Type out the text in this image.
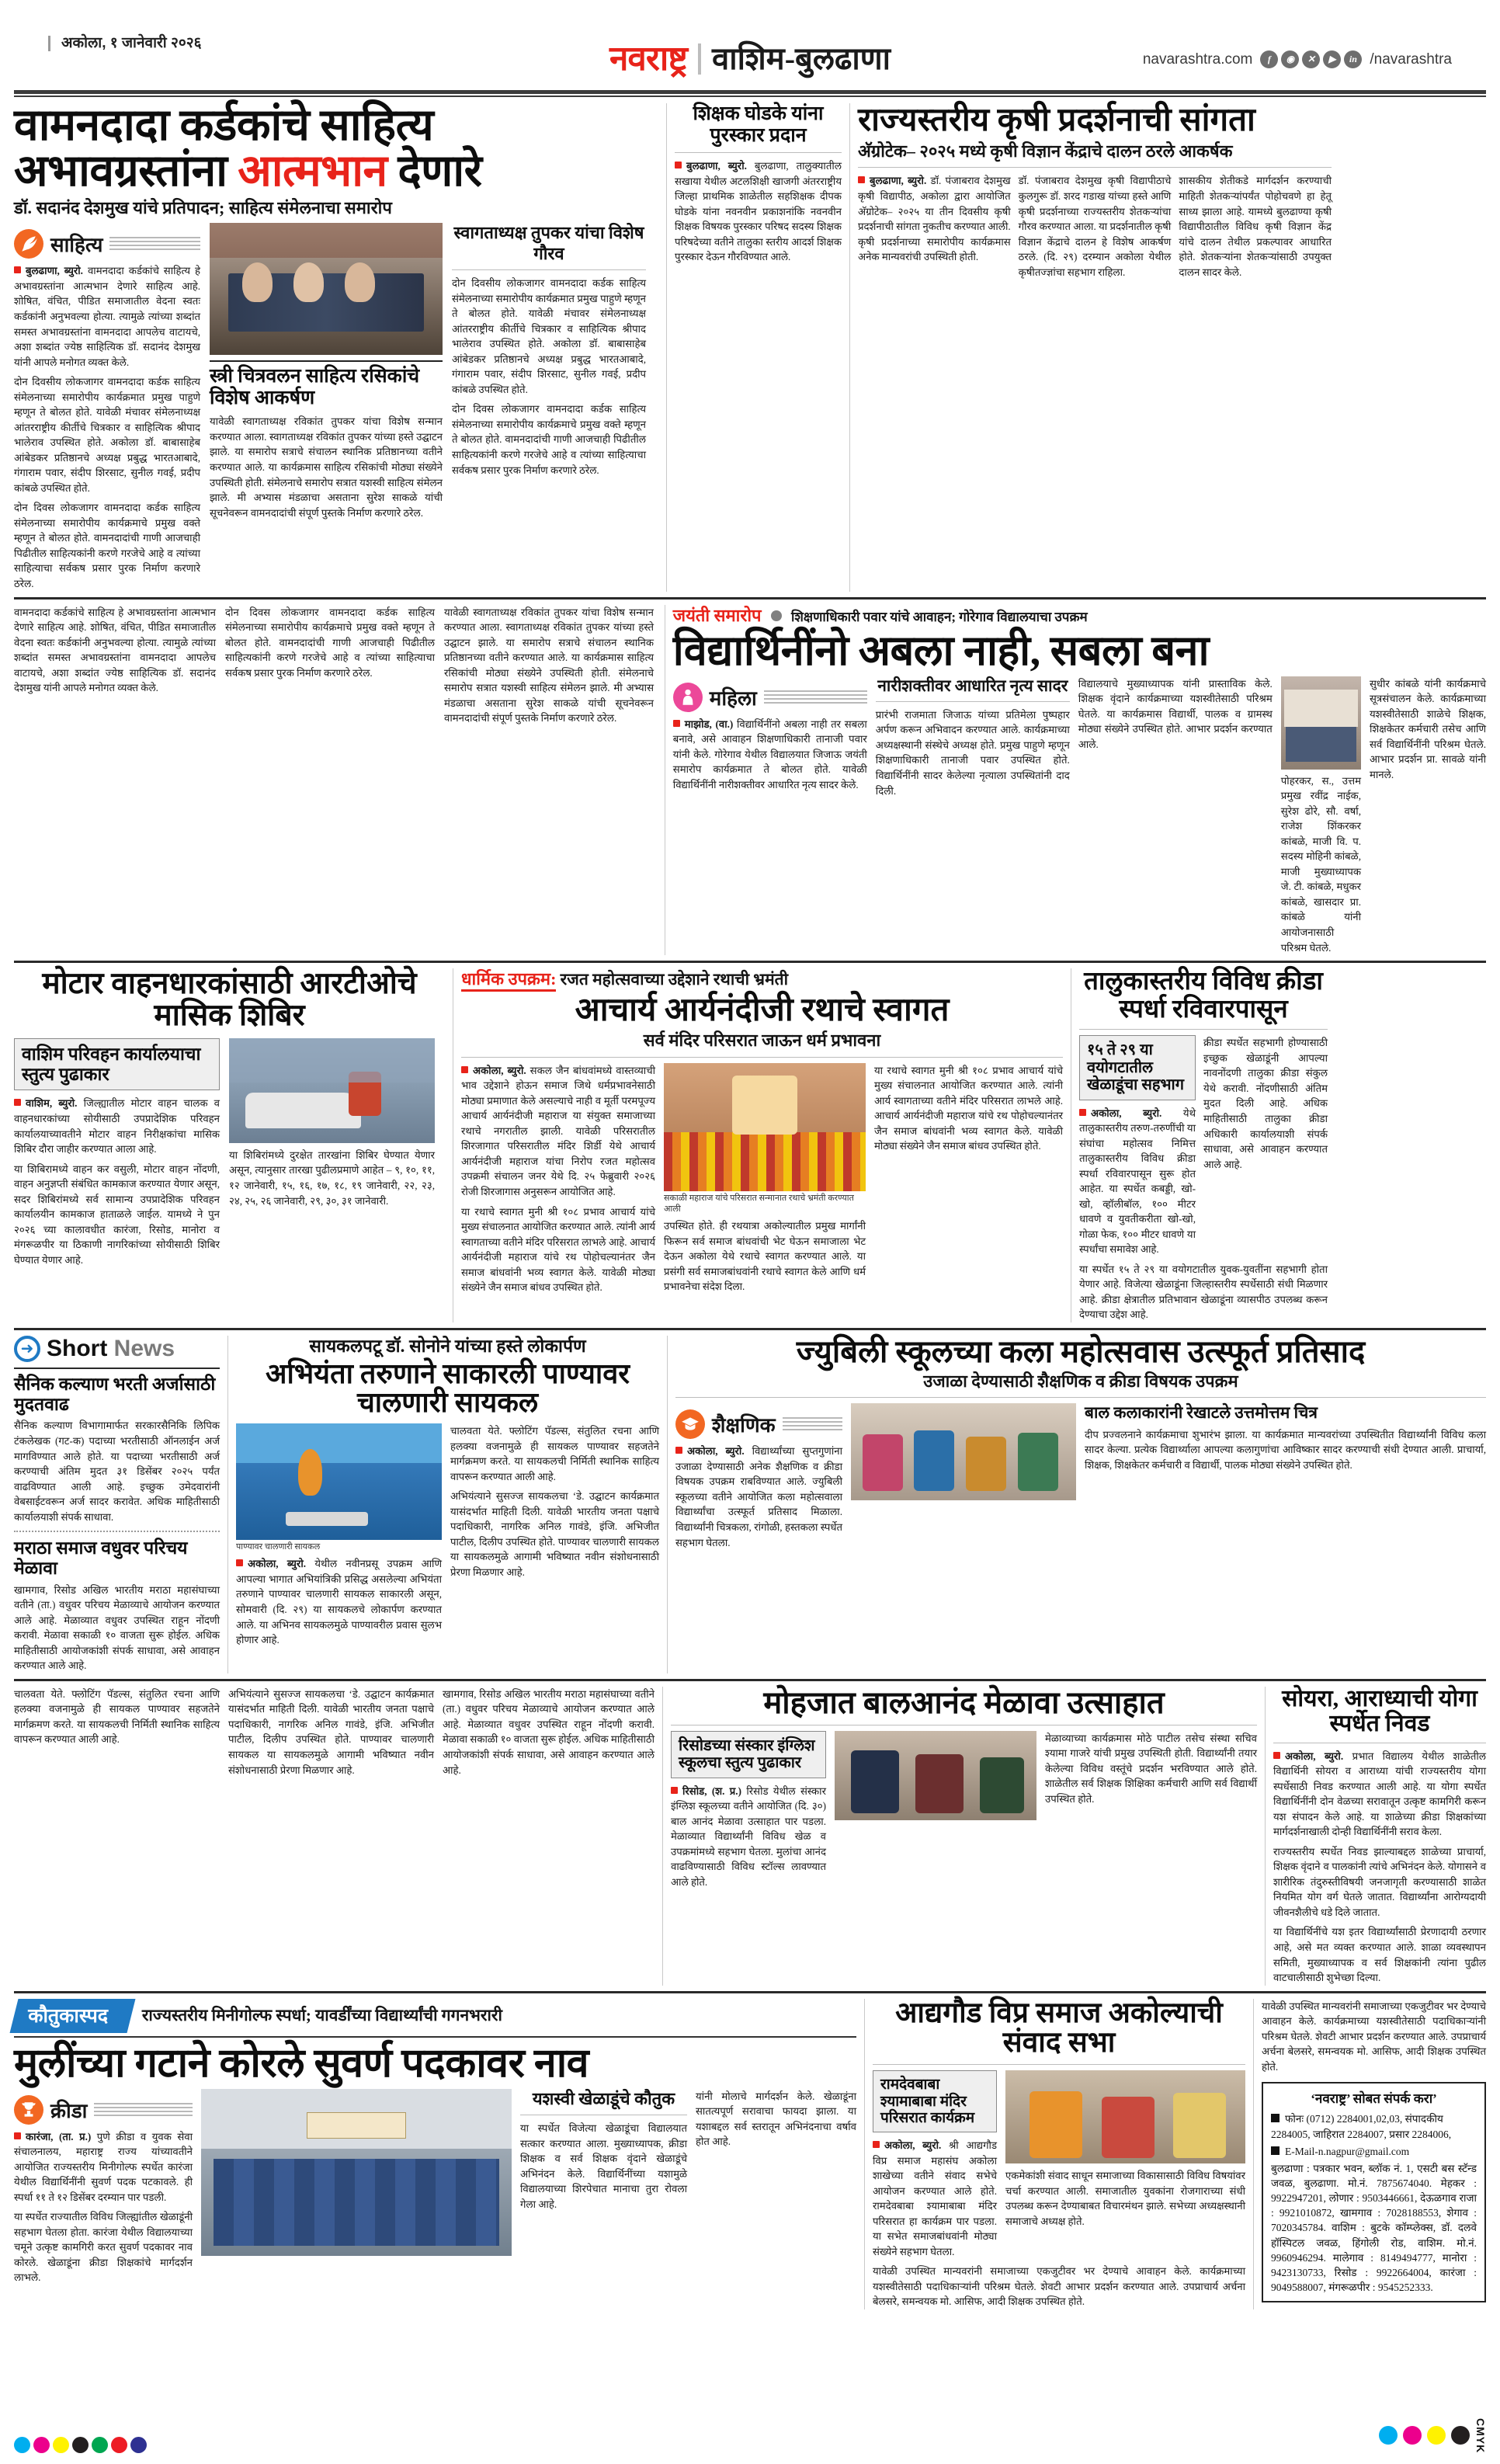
अकोला, १ जानेवारी २०२६	नवराष्ट्र वाशिम-बुलढाणा	navarashtra.com	f	◉	✕	▶	in /navarashtra
वामनदादा कर्डकांचे साहित्य
अभावग्रस्तांना आत्मभान देणारे
डॉ. सदानंद देशमुख यांचे प्रतिपादन; साहित्य संमेलनाचा समारोप
साहित्य
बुलढाणा, ब्युरो. वामनदादा कर्डकांचे साहित्य हे अभावग्रस्तांना आत्मभान देणारे साहित्य आहे. शोषित, वंचित, पीडित समाजातील वेदना स्वतः कर्डकांनी अनुभवल्या होत्या. त्यामुळे त्यांच्या शब्दांत समस्त अभावग्रस्तांना वामनदादा आपलेच वाटायचे, अशा शब्दांत ज्येष्ठ साहित्यिक डॉ. सदानंद देशमुख यांनी आपले मनोगत व्यक्त केले.
दोन दिवसीय लोकजागर वामनदादा कर्डक साहित्य संमेलनाच्या समारोपीय कार्यक्रमात प्रमुख पाहुणे म्हणून ते बोलत होते. यावेळी मंचावर संमेलनाध्यक्ष आंतरराष्ट्रीय कीर्तीचे चित्रकार व साहित्यिक श्रीपाद भालेराव उपस्थित होते. अकोला डॉ. बाबासाहेब आंबेडकर प्रतिष्ठानचे अध्यक्ष प्रबुद्ध भारतआबादे, गंगाराम पवार, संदीप शिरसाट, सुनील गवई, प्रदीप कांबळे उपस्थित होते.
दोन दिवस लोकजागर वामनदादा कर्डक साहित्य संमेलनाच्या समारोपीय कार्यक्रमाचे प्रमुख वक्ते म्हणून ते बोलत होते. वामनदादांची गाणी आजचाही पिढीतील साहित्यकांनी करणे गरजेचे आहे व त्यांच्या साहित्याचा सर्वकष प्रसार पुरक निर्माण करणारे ठरेल.
स्त्री चित्रवलन साहित्य रसिकांचे विशेष आकर्षण
यावेळी स्वागताध्यक्ष रविकांत तुपकर यांचा विशेष सन्मान करण्यात आला. स्वागताध्यक्ष रविकांत तुपकर यांच्या हस्ते उद्घाटन झाले. या समारोप सत्राचे संचालन स्थानिक प्रतिष्ठानच्या वतीने करण्यात आले. या कार्यक्रमास साहित्य रसिकांची मोठ्या संख्येने उपस्थिती होती. संमेलनाचे समारोप सत्रात यशस्वी साहित्य संमेलन झाले. मी अभ्यास मंडळाचा असताना सुरेश साकळे यांची सूचनेवरून वामनदादांची संपूर्ण पुस्तके निर्माण करणारे ठरेल.
स्वागताध्यक्ष तुपकर यांचा विशेष गौरव
दोन दिवसीय लोकजागर वामनदादा कर्डक साहित्य संमेलनाच्या समारोपीय कार्यक्रमात प्रमुख पाहुणे म्हणून ते बोलत होते. यावेळी मंचावर संमेलनाध्यक्ष आंतरराष्ट्रीय कीर्तीचे चित्रकार व साहित्यिक श्रीपाद भालेराव उपस्थित होते. अकोला डॉ. बाबासाहेब आंबेडकर प्रतिष्ठानचे अध्यक्ष प्रबुद्ध भारतआबादे, गंगाराम पवार, संदीप शिरसाट, सुनील गवई, प्रदीप कांबळे उपस्थित होते.
दोन दिवस लोकजागर वामनदादा कर्डक साहित्य संमेलनाच्या समारोपीय कार्यक्रमाचे प्रमुख वक्ते म्हणून ते बोलत होते. वामनदादांची गाणी आजचाही पिढीतील साहित्यकांनी करणे गरजेचे आहे व त्यांच्या साहित्याचा सर्वकष प्रसार पुरक निर्माण करणारे ठरेल.
शिक्षक घोडके यांना पुरस्कार प्रदान
बुलढाणा, ब्युरो. बुलढाणा, तालुक्यातील सखाया येथील अटलशिक्षी खाजगी अंतरराष्ट्रीय जिल्हा प्राथमिक शाळेतील सहशिक्षक दीपक घोडके यांना नवनवीन प्रकाशनांकि नवनवीन शिक्षक विषयक पुरस्कार परिषद सदस्य शिक्षक परिषदेच्या वतीने तालुका स्तरीय आदर्श शिक्षक पुरस्कार देऊन गौरविण्यात आले.
राज्यस्तरीय कृषी प्रदर्शनाची सांगता
अ‍ॅग्रोटेक– २०२५ मध्ये कृषी विज्ञान केंद्राचे दालन ठरले आकर्षक
बुलढाणा, ब्युरो. डॉ. पंजाबराव देशमुख कृषी विद्यापीठ, अकोला द्वारा आयोजित अ‍ॅग्रोटेक– २०२५ या तीन दिवसीय कृषी प्रदर्शनाची सांगता नुकतीच करण्यात आली. कृषी प्रदर्शनाच्या समारोपीय कार्यक्रमास अनेक मान्यवरांची उपस्थिती होती.
डॉ. पंजाबराव देशमुख कृषी विद्यापीठाचे कुलगुरू डॉ. शरद गडाख यांच्या हस्ते आणि कृषी प्रदर्शनाच्या राज्यस्तरीय शेतकऱ्यांचा गौरव करण्यात आला. या प्रदर्शनातील कृषी विज्ञान केंद्राचे दालन हे विशेष आकर्षण ठरले. (दि. २९) दरम्यान अकोला येथील कृषीतज्ज्ञांचा सहभाग राहिला.
शासकीय शेतीकडे मार्गदर्शन करण्याची माहिती शेतकऱ्यांपर्यंत पोहोचवणे हा हेतू साध्य झाला आहे. यामध्ये बुलढाण्या कृषी विद्यापीठातील विविध कृषी विज्ञान केंद्र यांचे दालन तेथील प्रकल्पावर आधारित होते. शेतकऱ्यांना शेतकऱ्यांसाठी उपयुक्त दालन सादर केले.
वामनदादा कर्डकांचे साहित्य हे अभावग्रस्तांना आत्मभान देणारे साहित्य आहे. शोषित, वंचित, पीडित समाजातील वेदना स्वतः कर्डकांनी अनुभवल्या होत्या. त्यामुळे त्यांच्या शब्दांत समस्त अभावग्रस्तांना वामनदादा आपलेच वाटायचे, अशा शब्दांत ज्येष्ठ साहित्यिक डॉ. सदानंद देशमुख यांनी आपले मनोगत व्यक्त केले.
दोन दिवस लोकजागर वामनदादा कर्डक साहित्य संमेलनाच्या समारोपीय कार्यक्रमाचे प्रमुख वक्ते म्हणून ते बोलत होते. वामनदादांची गाणी आजचाही पिढीतील साहित्यकांनी करणे गरजेचे आहे व त्यांच्या साहित्याचा सर्वकष प्रसार पुरक निर्माण करणारे ठरेल.
यावेळी स्वागताध्यक्ष रविकांत तुपकर यांचा विशेष सन्मान करण्यात आला. स्वागताध्यक्ष रविकांत तुपकर यांच्या हस्ते उद्घाटन झाले. या समारोप सत्राचे संचालन स्थानिक प्रतिष्ठानच्या वतीने करण्यात आले. या कार्यक्रमास साहित्य रसिकांची मोठ्या संख्येने उपस्थिती होती. संमेलनाचे समारोप सत्रात यशस्वी साहित्य संमेलन झाले. मी अभ्यास मंडळाचा असताना सुरेश साकळे यांची सूचनेवरून वामनदादांची संपूर्ण पुस्तके निर्माण करणारे ठरेल.
जयंती समारोप शिक्षणाधिकारी पवार यांचे आवाहन; गोरेगाव विद्यालयाचा उपक्रम
विद्यार्थिनींनो अबला नाही, सबला बना
महिला
माझोड, (वा.) विद्यार्थिनींनो अबला नाही तर सबला बनावे, असे आवाहन शिक्षणाधिकारी तानाजी पवार यांनी केले. गोरेगाव येथील विद्यालयात जिजाऊ जयंती समारोप कार्यक्रमात ते बोलत होते. यावेळी विद्यार्थिनींनी नारीशक्तीवर आधारित नृत्य सादर केले.
नारीशक्तीवर आधारित नृत्य सादर
प्रारंभी राजमाता जिजाऊ यांच्या प्रतिमेला पुष्पहार अर्पण करून अभिवादन करण्यात आले. कार्यक्रमाच्या अध्यक्षस्थानी संस्थेचे अध्यक्ष होते. प्रमुख पाहुणे म्हणून शिक्षणाधिकारी तानाजी पवार उपस्थित होते. विद्यार्थिनींनी सादर केलेल्या नृत्याला उपस्थितांनी दाद दिली.
विद्यालयाचे मुख्याध्यापक यांनी प्रास्ताविक केले. शिक्षक वृंदाने कार्यक्रमाच्या यशस्वीतेसाठी परिश्रम घेतले. या कार्यक्रमास विद्यार्थी, पालक व ग्रामस्थ मोठ्या संख्येने उपस्थित होते. आभार प्रदर्शन करण्यात आले.
पोहरकर, स., उत्तम प्रमुख रवींद्र नाईक, सुरेश ढोरे, सौ. वर्षा, राजेश शिंकरकर कांबळे, माजी वि. प. सदस्य मोहिनी कांबळे, माजी मुख्याध्यापक जे. टी. कांबळे, मधुकर कांबळे, खासदार प्रा. कांबळे यांनी आयोजनासाठी परिश्रम घेतले.
सुधीर कांबळे यांनी कार्यक्रमाचे सूत्रसंचालन केले. कार्यक्रमाच्या यशस्वीतेसाठी शाळेचे शिक्षक, शिक्षकेतर कर्मचारी तसेच आणि सर्व विद्यार्थिनींनी परिश्रम घेतले. आभार प्रदर्शन प्रा. सावळे यांनी मानले.
मोटार वाहनधारकांसाठी आरटीओचे मासिक शिबिर
वाशिम परिवहन कार्यालयाचा स्तुत्य पुढाकार
वाशिम, ब्युरो. जिल्ह्यातील मोटार वाहन चालक व वाहनधारकांच्या सोयीसाठी उपप्रादेशिक परिवहन कार्यालयाच्यावतीने मोटार वाहन निरीक्षकांचा मासिक शिबिर दौरा जाहीर करण्यात आला आहे.
या शिबिरामध्ये वाहन कर वसुली, मोटार वाहन नोंदणी, वाहन अनुज्ञप्ती संबंधित कामकाज करण्यात येणार असून, सदर शिबिरांमध्ये सर्व सामान्य उपप्रादेशिक परिवहन कार्यालयीन कामकाज हाताळले जाईल. यामध्ये ने पुन २०२६ च्या कालावधीत कारंजा, रिसोड, मानोरा व मंगरूळपीर या ठिकाणी नागरिकांच्या सोयीसाठी शिबिर घेण्यात येणार आहे.
या शिबिरांमध्ये दुरक्षेत तारखांना शिबिर घेण्यात येणार असून, त्यानुसार तारखा पुढीलप्रमाणे आहेत – ९, १०, ११, १२ जानेवारी, १५, १६, १७, १८, १९ जानेवारी, २२, २३, २४, २५, २६ जानेवारी, २९, ३०, ३१ जानेवारी.
धार्मिक उपक्रम: रजत महोत्सवाच्या उद्देशाने रथाची भ्रमंती
आचार्य आर्यनंदीजी रथाचे स्वागत
सर्व मंदिर परिसरात जाऊन धर्म प्रभावना
अकोला, ब्युरो. सकल जैन बांधवांमध्ये वास्तव्याची भाव उद्देशाने होऊन समाज जिथे धर्मप्रभावनेसाठी मोठ्या प्रमाणात केले असल्याचे नाही व मूर्ती परमपूज्य आचार्य आर्यनंदीजी महाराज या संयुक्त समाजाच्या रथाचे नगरातील झाली. यावेळी परिसरातील शिरजागात परिसरातील मंदिर शिर्डी येथे आचार्य आर्यनंदीजी महाराज यांचा निरोप रजत महोत्सव उपक्रमी संचालन जनर येथे दि. २५ फेब्रुवारी २०२६ रोजी शिरजागास अनुसरून आयोजित आहे.
या रथाचे स्वागत मुनी श्री १०८ प्रभाव आचार्य यांचे मुख्य संचालनात आयोजित करण्यात आले. त्यांनी आर्य स्वागताच्या वतीने मंदिर परिसरात लाभले आहे. आचार्य आर्यनंदीजी महाराज यांचे रथ पोहोचल्यानंतर जैन समाज बांधवांनी भव्य स्वागत केले. यावेळी मोठ्या संख्येने जैन समाज बांधव उपस्थित होते.
सकाळी महाराज यांचे परिसरात सन्मानात रथाचे भ्रमंती करण्यात आली
उपस्थित होते. ही रथयात्रा अकोल्यातील प्रमुख मार्गांनी फिरून सर्व समाज बांधवांची भेट घेऊन समाजाला भेट देऊन अकोला येथे रथाचे स्वागत करण्यात आले. या प्रसंगी सर्व समाजबांधवांनी रथाचे स्वागत केले आणि धर्म प्रभावनेचा संदेश दिला.
या रथाचे स्वागत मुनी श्री १०८ प्रभाव आचार्य यांचे मुख्य संचालनात आयोजित करण्यात आले. त्यांनी आर्य स्वागताच्या वतीने मंदिर परिसरात लाभले आहे. आचार्य आर्यनंदीजी महाराज यांचे रथ पोहोचल्यानंतर जैन समाज बांधवांनी भव्य स्वागत केले. यावेळी मोठ्या संख्येने जैन समाज बांधव उपस्थित होते.
तालुकास्तरीय विविध क्रीडा स्पर्धा रविवारपासून
१५ ते २९ या वयोगटातील खेळाडूंचा सहभाग
अकोला, ब्युरो. येथे तालुकास्तरीय तरुण-तरुणींची या संघांचा महोत्सव निमित्त तालुकास्तरीय विविध क्रीडा स्पर्धा रविवारपासून सुरू होत आहेत. या स्पर्धेत कबड्डी, खो-खो, व्हॉलीबॉल, १०० मीटर धावणे व युवतीकरीता खो-खो, गोळा फेक, १०० मीटर धावणे या स्पर्धांचा समावेश आहे.
क्रीडा स्पर्धेत सहभागी होण्यासाठी इच्छुक खेळाडूंनी आपल्या नावनोंदणी तालुका क्रीडा संकुल येथे करावी. नोंदणीसाठी अंतिम मुदत दिली आहे. अधिक माहितीसाठी तालुका क्रीडा अधिकारी कार्यालयाशी संपर्क साधावा, असे आवाहन करण्यात आले आहे.
या स्पर्धेत १५ ते २९ या वयोगटातील युवक-युवतींना सहभागी होता येणार आहे. विजेत्या खेळाडूंना जिल्हास्तरीय स्पर्धेसाठी संधी मिळणार आहे. क्रीडा क्षेत्रातील प्रतिभावान खेळाडूंना व्यासपीठ उपलब्ध करून देण्याचा उद्देश आहे.
➜
Short News
सैनिक कल्याण भरती अर्जासाठी मुदतवाढ
सैनिक कल्याण विभागामार्फत सरकारसैनिकि लिपिक टंकलेखक (गट-क) पदाच्या भरतीसाठी ऑनलाईन अर्ज मागविण्यात आले होते. या पदाच्या भरतीसाठी अर्ज करण्याची अंतिम मुदत ३१ डिसेंबर २०२५ पर्यंत वाढविण्यात आली आहे. इच्छुक उमेदवारांनी वेबसाईटवरून अर्ज सादर करावेत. अधिक माहितीसाठी कार्यालयाशी संपर्क साधावा.
मराठा समाज वधुवर परिचय मेळावा
खामगाव, रिसोड अखिल भारतीय मराठा महासंघाच्या वतीने (ता.) वधुवर परिचय मेळाव्याचे आयोजन करण्यात आले आहे. मेळाव्यात वधुवर उपस्थित राहून नोंदणी करावी. मेळावा सकाळी १० वाजता सुरू होईल. अधिक माहितीसाठी आयोजकांशी संपर्क साधावा, असे आवाहन करण्यात आले आहे.
सायकलपटू डॉ. सोनोने यांच्या हस्ते लोकार्पण
अभियंता तरुणाने साकारली पाण्यावर चालणारी सायकल
पाण्यावर चालणारी सायकल
अकोला, ब्युरो. येथील नवीनप्रसू उपक्रम आणि आपल्या भागात अभियांत्रिकी प्रसिद्ध असलेल्या अभियंता तरुणाने पाण्यावर चालणारी सायकल साकारली असून, सोमवारी (दि. २९) या सायकलचे लोकार्पण करण्यात आले. या अभिनव सायकलमुळे पाण्यावरील प्रवास सुलभ होणार आहे.
चालवता येते. फ्लोटिंग पॅडल्स, संतुलित रचना आणि हलक्या वजनामुळे ही सायकल पाण्यावर सहजतेने मार्गक्रमण करते. या सायकलची निर्मिती स्थानिक साहित्य वापरून करण्यात आली आहे.
अभियंत्याने सुसज्ज सायकलचा ‘डे. उद्घाटन कार्यक्रमात यासंदर्भात माहिती दिली. यावेळी भारतीय जनता पक्षाचे पदाधिकारी, नागरिक अनिल गावंडे, इंजि. अभिजीत पाटील, दिलीप उपस्थित होते. पाण्यावर चालणारी सायकल या सायकलमुळे आगामी भविष्यात नवीन संशोधनासाठी प्रेरणा मिळणार आहे.
ज्युबिली स्कूलच्या कला महोत्सवास उत्स्फूर्त प्रतिसाद
उजाळा देण्यासाठी शैक्षणिक व क्रीडा विषयक उपक्रम
शैक्षणिक
अकोला, ब्युरो. विद्यार्थ्यांच्या सुप्तगुणांना उजाळा देण्यासाठी अनेक शैक्षणिक व क्रीडा विषयक उपक्रम राबविण्यात आले. ज्युबिली स्कूलच्या वतीने आयोजित कला महोत्सवाला विद्यार्थ्यांचा उत्स्फूर्त प्रतिसाद मिळाला. विद्यार्थ्यांनी चित्रकला, रांगोळी, हस्तकला स्पर्धेत सहभाग घेतला.
बाल कलाकारांनी रेखाटले उत्तमोत्तम चित्र
दीप प्रज्वलनाने कार्यक्रमाचा शुभारंभ झाला. या कार्यक्रमात मान्यवरांच्या उपस्थितीत विद्यार्थ्यांनी विविध कला सादर केल्या. प्रत्येक विद्यार्थ्याला आपल्या कलागुणांचा आविष्कार सादर करण्याची संधी देण्यात आली. प्राचार्या, शिक्षक, शिक्षकेतर कर्मचारी व विद्यार्थी, पालक मोठ्या संख्येने उपस्थित होते.
चालवता येते. फ्लोटिंग पॅडल्स, संतुलित रचना आणि हलक्या वजनामुळे ही सायकल पाण्यावर सहजतेने मार्गक्रमण करते. या सायकलची निर्मिती स्थानिक साहित्य वापरून करण्यात आली आहे.
अभियंत्याने सुसज्ज सायकलचा ‘डे. उद्घाटन कार्यक्रमात यासंदर्भात माहिती दिली. यावेळी भारतीय जनता पक्षाचे पदाधिकारी, नागरिक अनिल गावंडे, इंजि. अभिजीत पाटील, दिलीप उपस्थित होते. पाण्यावर चालणारी सायकल या सायकलमुळे आगामी भविष्यात नवीन संशोधनासाठी प्रेरणा मिळणार आहे.
खामगाव, रिसोड अखिल भारतीय मराठा महासंघाच्या वतीने (ता.) वधुवर परिचय मेळाव्याचे आयोजन करण्यात आले आहे. मेळाव्यात वधुवर उपस्थित राहून नोंदणी करावी. मेळावा सकाळी १० वाजता सुरू होईल. अधिक माहितीसाठी आयोजकांशी संपर्क साधावा, असे आवाहन करण्यात आले आहे.
मोहजात बालआनंद मेळावा उत्साहात
रिसोडच्या संस्कार इंग्लिश स्कूलचा स्तुत्य पुढाकार
रिसोड, (श. प्र.) रिसोड येथील संस्कार इंग्लिश स्कूलच्या वतीने आयोजित (दि. ३०) बाल आनंद मेळावा उत्साहात पार पडला. मेळाव्यात विद्यार्थ्यांनी विविध खेळ व उपक्रमांमध्ये सहभाग घेतला. मुलांचा आनंद वाढविण्यासाठी विविध स्टॉल्स लावण्यात आले होते.
मेळाव्याच्या कार्यक्रमास मोठे पाटील तसेच संस्था सचिव श्यामा गाजरे यांची प्रमुख उपस्थिती होती. विद्यार्थ्यांनी तयार केलेल्या विविध वस्तूंचे प्रदर्शन भरविण्यात आले होते. शाळेतील सर्व शिक्षक शिक्षिका कर्मचारी आणि सर्व विद्यार्थी उपस्थित होते.
सोयरा, आराध्याची योगा स्पर्धेत निवड
अकोला, ब्युरो. प्रभात विद्यालय येथील शाळेतील विद्यार्थिनी सोयरा व आराध्या यांची राज्यस्तरीय योगा स्पर्धेसाठी निवड करण्यात आली आहे. या योगा स्पर्धेत विद्यार्थिनींनी दोन वेळच्या सरावातून उत्कृष्ट कामगिरी करून यश संपादन केले आहे. या शाळेच्या क्रीडा शिक्षकांच्या मार्गदर्शनाखाली दोन्ही विद्यार्थिनींनी सराव केला.
राज्यस्तरीय स्पर्धेत निवड झाल्याबद्दल शाळेच्या प्राचार्या, शिक्षक वृंदाने व पालकांनी त्यांचे अभिनंदन केले. योगासने व शारीरिक तंदुरुस्तीविषयी जनजागृती करण्यासाठी शाळेत नियमित योग वर्ग घेतले जातात. विद्यार्थ्यांना आरोग्यदायी जीवनशैलीचे धडे दिले जातात.
या विद्यार्थिनींचे यश इतर विद्यार्थ्यांसाठी प्रेरणादायी ठरणार आहे, असे मत व्यक्त करण्यात आले. शाळा व्यवस्थापन समिती, मुख्याध्यापक व सर्व शिक्षकांनी त्यांना पुढील वाटचालीसाठी शुभेच्छा दिल्या.
कौतुकास्पद	राज्यस्तरीय मिनीगोल्फ स्पर्धा; यावर्डींच्या विद्यार्थ्यांची गगनभरारी
मुलींच्या गटाने कोरले सुवर्ण पदकावर नाव
क्रीडा
कारंजा, (ता. प्र.) पुणे क्रीडा व युवक सेवा संचालनालय, महाराष्ट्र राज्य यांच्यावतीने आयोजित राज्यस्तरीय मिनीगोल्फ स्पर्धेत कारंजा येथील विद्यार्थिनींनी सुवर्ण पदक पटकावले. ही स्पर्धा ११ ते १२ डिसेंबर दरम्यान पार पडली.
या स्पर्धेत राज्यातील विविध जिल्ह्यांतील खेळाडूंनी सहभाग घेतला होता. कारंजा येथील विद्यालयाच्या चमूने उत्कृष्ट कामगिरी करत सुवर्ण पदकावर नाव कोरले. खेळाडूंना क्रीडा शिक्षकांचे मार्गदर्शन लाभले.
यशस्वी खेळाडूंचे कौतुक
या स्पर्धेत विजेत्या खेळाडूंचा विद्यालयात सत्कार करण्यात आला. मुख्याध्यापक, क्रीडा शिक्षक व सर्व शिक्षक वृंदाने खेळाडूंचे अभिनंदन केले. विद्यार्थिनींच्या यशामुळे विद्यालयाच्या शिरपेचात मानाचा तुरा रोवला गेला आहे.
यांनी मोलाचे मार्गदर्शन केले. खेळाडूंना सातत्यपूर्ण सरावाचा फायदा झाला. या यशाबद्दल सर्व स्तरातून अभिनंदनाचा वर्षाव होत आहे.
आद्यगौड विप्र समाज अकोल्याची संवाद सभा
रामदेवबाबा श्यामाबाबा मंदिर परिसरात कार्यक्रम
अकोला, ब्युरो. श्री आद्यगौड विप्र समाज महासंघ अकोला शाखेच्या वतीने संवाद सभेचे आयोजन करण्यात आले होते. रामदेवबाबा श्यामाबाबा मंदिर परिसरात हा कार्यक्रम पार पडला. या सभेत समाजबांधवांनी मोठ्या संख्येने सहभाग घेतला.
एकमेकांशी संवाद साधून समाजाच्या विकासासाठी विविध विषयांवर चर्चा करण्यात आली. समाजातील युवकांना रोजगाराच्या संधी उपलब्ध करून देण्याबाबत विचारमंथन झाले. सभेच्या अध्यक्षस्थानी समाजाचे अध्यक्ष होते.
यावेळी उपस्थित मान्यवरांनी समाजाच्या एकजुटीवर भर देण्याचे आवाहन केले. कार्यक्रमाच्या यशस्वीतेसाठी पदाधिकाऱ्यांनी परिश्रम घेतले. शेवटी आभार प्रदर्शन करण्यात आले. उपप्राचार्य अर्चना बेलसरे, समन्वयक मो. आसिफ, आदी शिक्षक उपस्थित होते.
यावेळी उपस्थित मान्यवरांनी समाजाच्या एकजुटीवर भर देण्याचे आवाहन केले. कार्यक्रमाच्या यशस्वीतेसाठी पदाधिकाऱ्यांनी परिश्रम घेतले. शेवटी आभार प्रदर्शन करण्यात आले. उपप्राचार्य अर्चना बेलसरे, समन्वयक मो. आसिफ, आदी शिक्षक उपस्थित होते.
‘नवराष्ट्र’ सोबत संपर्क करा’
फोनः (0712) 2284001,02,03, संपादकीय 2284005, जाहिरात 2284007, प्रसार 2284006,
E-Mail-n.nagpur@gmail.com
बुलढाणा : पत्रकार भवन, ब्लॉक नं. 1, एसटी बस स्टॅन्ड जवळ, बुलढाणा. मो.नं. 7875674040. मेहकर : 9922947201, लोणार : 9503446661, देऊळगाव राजा : 9921010872, खामगाव : 7028188553, शेगाव : 7020345784. वाशिम : बुटके कॉम्प्लेक्स, डॉ. दलवे हॉस्पिटल जवळ, हिंगोली रोड, वाशिम. मो.नं. 9960946294. मालेगाव : 8149494777, मानोरा : 9423130733, रिसोड : 9922664004, कारंजा : 9049588007, मंगरूळपीर : 9545252333.
CMYK
